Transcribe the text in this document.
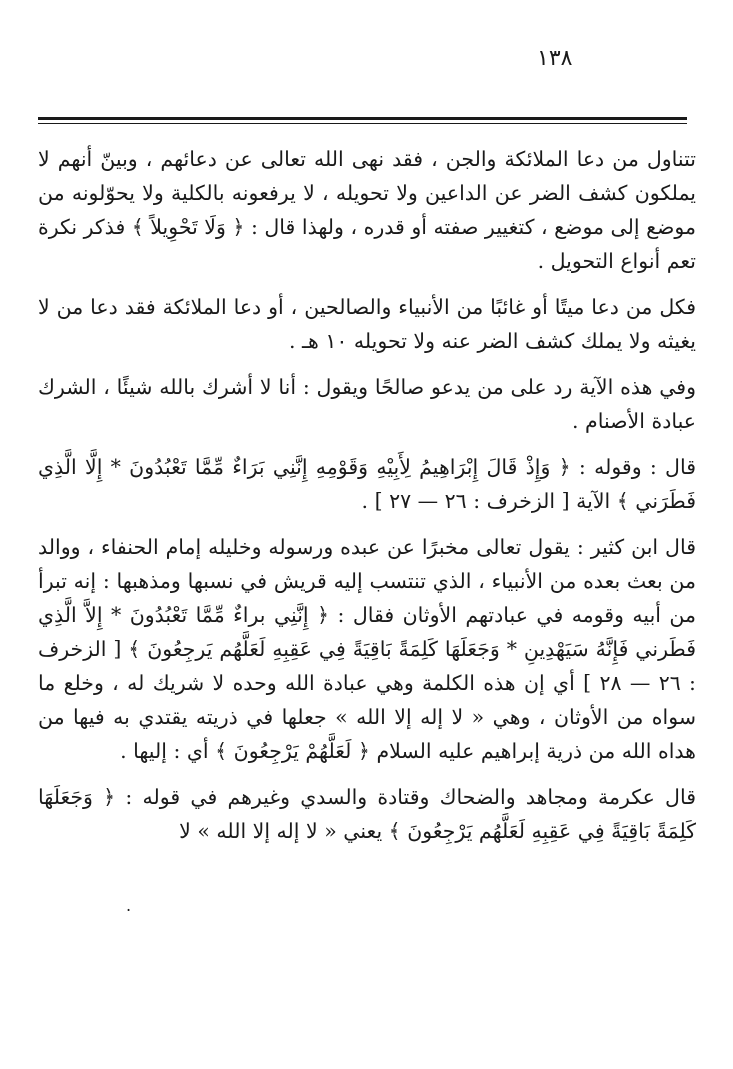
١٣٨

تتناول من دعا الملائكة والجن ، فقد نهى الله تعالى عن دعائهم ، وبينّ أنهم لا يملكون كشف الضر عن الداعين ولا تحويله ، لا يرفعونه بالكلية ولا يحوّلونه من موضع إلى موضع ، كتغيير صفته أو قدره ، ولهذا قال : ﴿ وَلَا تَحْوِيلاً ﴾ فذكر نكرة تعم أنواع التحويل .

فكل من دعا ميتًا أو غائبًا من الأنبياء والصالحين ، أو دعا الملائكة فقد دعا من لا يغيثه ولا يملك كشف الضر عنه ولا تحويله ١٠ هـ .

وفي هذه الآية رد على من يدعو صالحًا ويقول : أنا لا أشرك بالله شيئًا ، الشرك عبادة الأصنام .

قال : وقوله : ﴿ وَإِذْ قَالَ إِبْرَاهِيمُ لِأَبِيْهِ وَقَوْمِهِ إِنَّنِي بَرَاءٌ مِّمَّا تَعْبُدُونَ * إِلَّا الَّذِي فَطَرَني ﴾ الآية [ الزخرف : ٢٦ — ٢٧ ] .

قال ابن كثير : يقول تعالى مخبرًا عن عبده ورسوله وخليله إمام الحنفاء ، ووالد من بعث بعده من الأنبياء ، الذي تنتسب إليه قريش في نسبها ومذهبها : إنه تبرأ من أبيه وقومه في عبادتهم الأوثان فقال : ﴿ إِنَّنِي براءٌ مِّمَّا تَعْبُدُونَ * إِلاَّ الَّذِي فَطَرني فَإِنَّهُ سَيَهْدِينِ * وَجَعَلَهَا كَلِمَةً بَاقِيَةً فِي عَقِبِهِ لَعَلَّهُم يَرجِعُونَ ﴾ [ الزخرف : ٢٦ — ٢٨ ] أي إن هذه الكلمة وهي عبادة الله وحده لا شريك له ، وخلع ما سواه من الأوثان ، وهي « لا إله إلا الله » جعلها في ذريته يقتدي به فيها من هداه الله من ذرية إبراهيم عليه السلام ﴿ لَعَلَّهُمْ يَرْجِعُونَ ﴾ أي : إليها .

قال عكرمة ومجاهد والضحاك وقتادة والسدي وغيرهم في قوله : ﴿ وَجَعَلَهَا كَلِمَةً بَاقِيَةً فِي عَقِبِهِ لَعَلَّهُم يَرْجِعُونَ ﴾ يعني « لا إله إلا الله » لا

.
